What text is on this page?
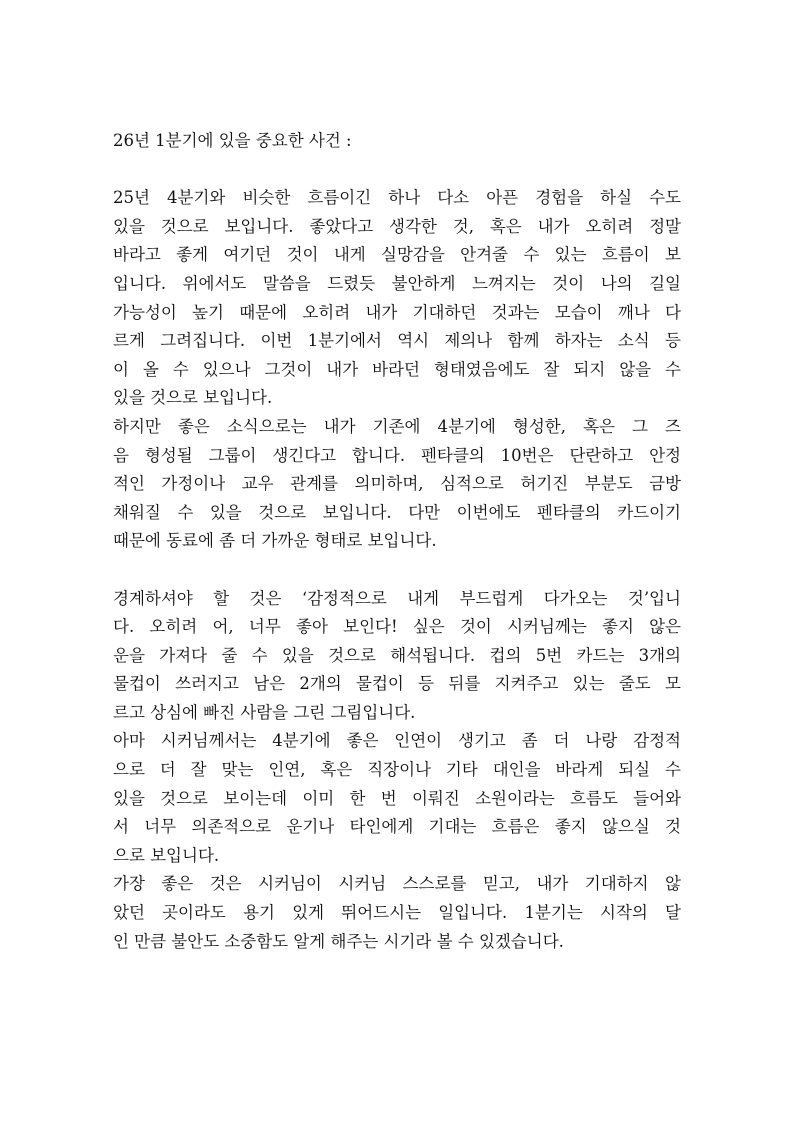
26년 1분기에 있을 중요한 사건 :
25년 4분기와 비슷한 흐름이긴 하나 다소 아픈 경험을 하실 수도
있을 것으로 보입니다. 좋았다고 생각한 것, 혹은 내가 오히려 정말
바라고 좋게 여기던 것이 내게 실망감을 안겨줄 수 있는 흐름이 보
입니다. 위에서도 말씀을 드렸듯 불안하게 느껴지는 것이 나의 길일
가능성이 높기 때문에 오히려 내가 기대하던 것과는 모습이 깨나 다
르게 그려집니다. 이번 1분기에서 역시 제의나 함께 하자는 소식 등
이 올 수 있으나 그것이 내가 바라던 형태였음에도 잘 되지 않을 수
있을 것으로 보입니다.
하지만 좋은 소식으로는 내가 기존에 4분기에 형성한, 혹은 그 즈
음 형성될 그룹이 생긴다고 합니다. 펜타클의 10번은 단란하고 안정
적인 가정이나 교우 관계를 의미하며, 심적으로 허기진 부분도 금방
채워질 수 있을 것으로 보입니다. 다만 이번에도 펜타클의 카드이기
때문에 동료에 좀 더 가까운 형태로 보입니다.
경계하셔야 할 것은 ‘감정적으로 내게 부드럽게 다가오는 것’입니
다. 오히려 어, 너무 좋아 보인다! 싶은 것이 시커님께는 좋지 않은
운을 가져다 줄 수 있을 것으로 해석됩니다. 컵의 5번 카드는 3개의
물컵이 쓰러지고 남은 2개의 물컵이 등 뒤를 지켜주고 있는 줄도 모
르고 상심에 빠진 사람을 그린 그림입니다.
아마 시커님께서는 4분기에 좋은 인연이 생기고 좀 더 나랑 감정적
으로 더 잘 맞는 인연, 혹은 직장이나 기타 대인을 바라게 되실 수
있을 것으로 보이는데 이미 한 번 이뤄진 소원이라는 흐름도 들어와
서 너무 의존적으로 운기나 타인에게 기대는 흐름은 좋지 않으실 것
으로 보입니다.
가장 좋은 것은 시커님이 시커님 스스로를 믿고, 내가 기대하지 않
았던 곳이라도 용기 있게 뛰어드시는 일입니다. 1분기는 시작의 달
인 만큼 불안도 소중함도 알게 해주는 시기라 볼 수 있겠습니다.
